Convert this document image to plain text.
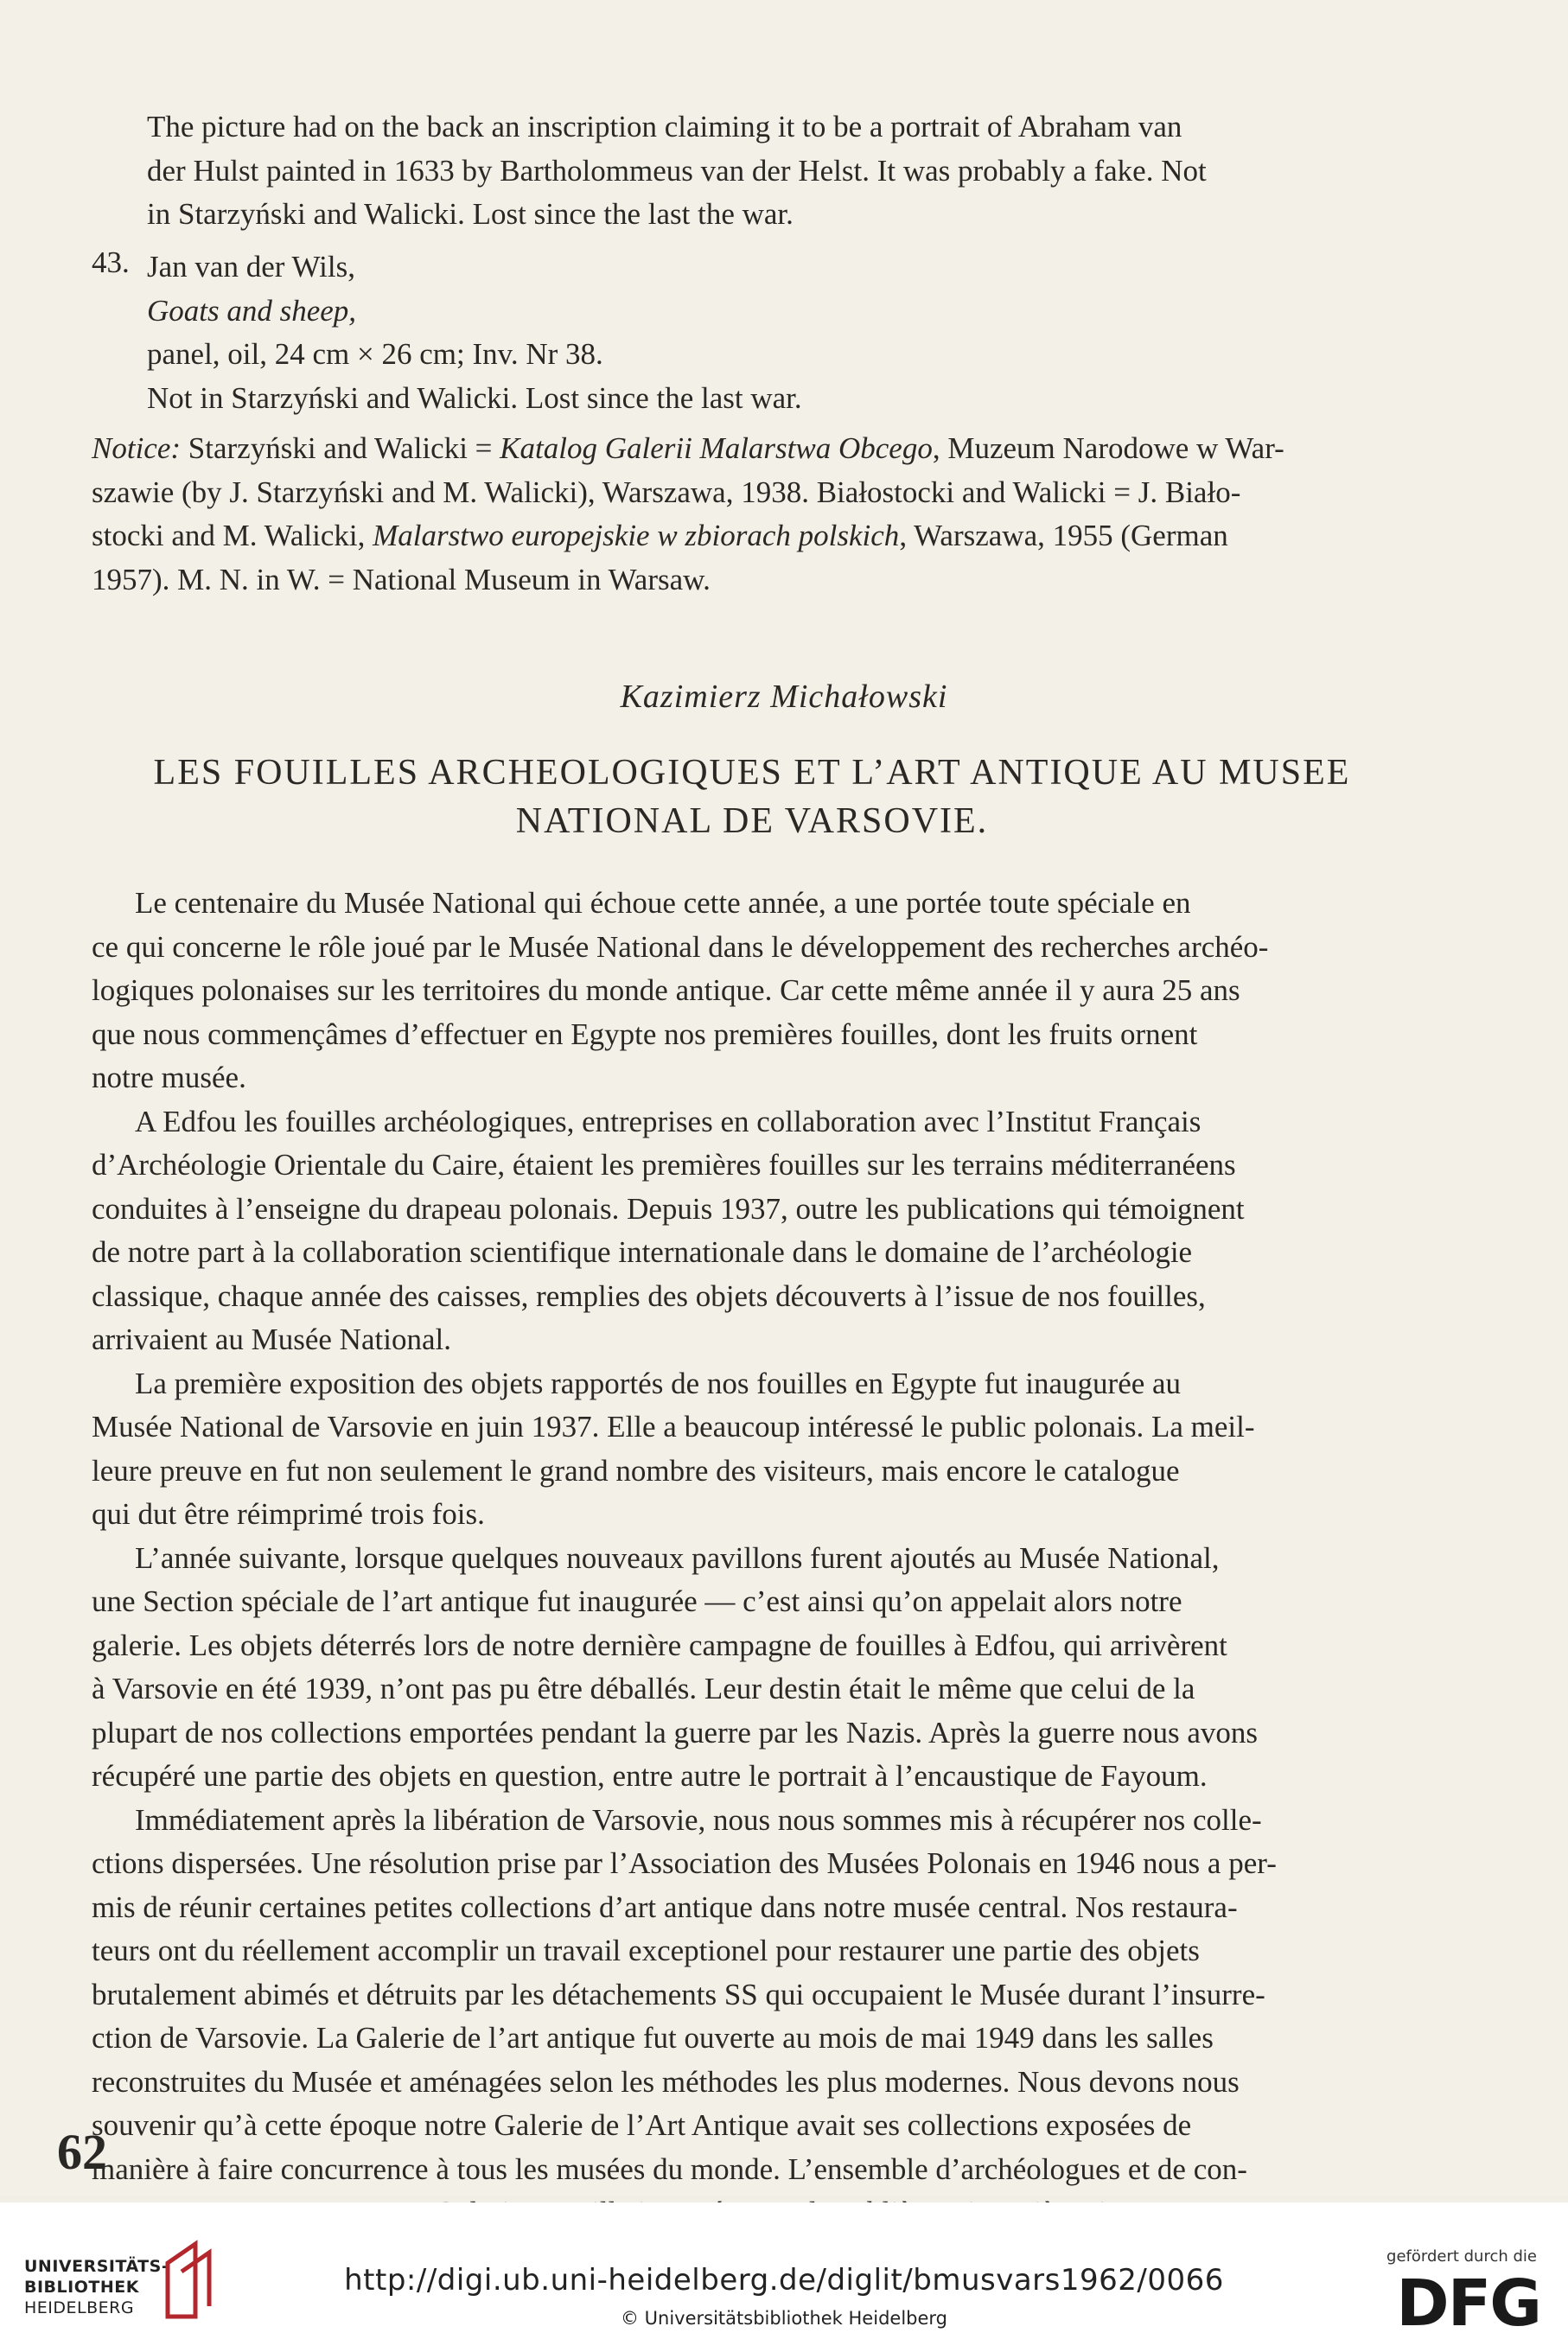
The picture had on the back an inscription claiming it to be a portrait of Abraham van
der Hulst painted in 1633 by Bartholommeus van der Helst. It was probably a fake. Not
in Starzyński and Walicki. Lost since the last the war.
43. Jan van der Wils,
Goats and sheep,
panel, oil, 24 cm × 26 cm; Inv. Nr 38.
Not in Starzyński and Walicki. Lost since the last war.
Notice: Starzyński and Walicki = Katalog Galerii Malarstwa Obcego, Muzeum Narodowe w War-
szawie (by J. Starzyński and M. Walicki), Warszawa, 1938. Białostocki and Walicki = J. Biało-
stocki and M. Walicki, Malarstwo europejskie w zbiorach polskich, Warszawa, 1955 (German
1957). M. N. in W. = National Museum in Warsaw.
Kazimierz Michałowski
LES FOUILLES ARCHEOLOGIQUES ET L’ART ANTIQUE AU MUSEE
NATIONAL DE VARSOVIE.
Le centenaire du Musée National qui échoue cette année, a une portée toute spéciale en
ce qui concerne le rôle joué par le Musée National dans le développement des recherches archéo-
logiques polonaises sur les territoires du monde antique. Car cette même année il y aura 25 ans
que nous commençâmes d’effectuer en Egypte nos premières fouilles, dont les fruits ornent
notre musée.
A Edfou les fouilles archéologiques, entreprises en collaboration avec l’Institut Français
d’Archéologie Orientale du Caire, étaient les premières fouilles sur les terrains méditerranéens
conduites à l’enseigne du drapeau polonais. Depuis 1937, outre les publications qui témoignent
de notre part à la collaboration scientifique internationale dans le domaine de l’archéologie
classique, chaque année des caisses, remplies des objets découverts à l’issue de nos fouilles,
arrivaient au Musée National.
La première exposition des objets rapportés de nos fouilles en Egypte fut inaugurée au
Musée National de Varsovie en juin 1937. Elle a beaucoup intéressé le public polonais. La meil-
leure preuve en fut non seulement le grand nombre des visiteurs, mais encore le catalogue
qui dut être réimprimé trois fois.
L’année suivante, lorsque quelques nouveaux pavillons furent ajoutés au Musée National,
une Section spéciale de l’art antique fut inaugurée — c’est ainsi qu’on appelait alors notre
galerie. Les objets déterrés lors de notre dernière campagne de fouilles à Edfou, qui arrivèrent
à Varsovie en été 1939, n’ont pas pu être déballés. Leur destin était le même que celui de la
plupart de nos collections emportées pendant la guerre par les Nazis. Après la guerre nous avons
récupéré une partie des objets en question, entre autre le portrait à l’encaustique de Fayoum.
Immédiatement après la libération de Varsovie, nous nous sommes mis à récupérer nos colle-
ctions dispersées. Une résolution prise par l’Association des Musées Polonais en 1946 nous a per-
mis de réunir certaines petites collections d’art antique dans notre musée central. Nos restaura-
teurs ont du réellement accomplir un travail exceptionel pour restaurer une partie des objets
brutalement abimés et détruits par les détachements SS qui occupaient le Musée durant l’insurre-
ction de Varsovie. La Galerie de l’art antique fut ouverte au mois de mai 1949 dans les salles
reconstruites du Musée et aménagées selon les méthodes les plus modernes. Nous devons nous
souvenir qu’à cette époque notre Galerie de l’Art Antique avait ses collections exposées de
manière à faire concurrence à tous les musées du monde. L’ensemble d’archéologues et de con-
62
UNIVERSITÄTS-
BIBLIOTHEK
HEIDELBERG
http://digi.ub.uni-heidelberg.de/diglit/bmusvars1962/0066
© Universitätsbibliothek Heidelberg
gefördert durch die
DFG
